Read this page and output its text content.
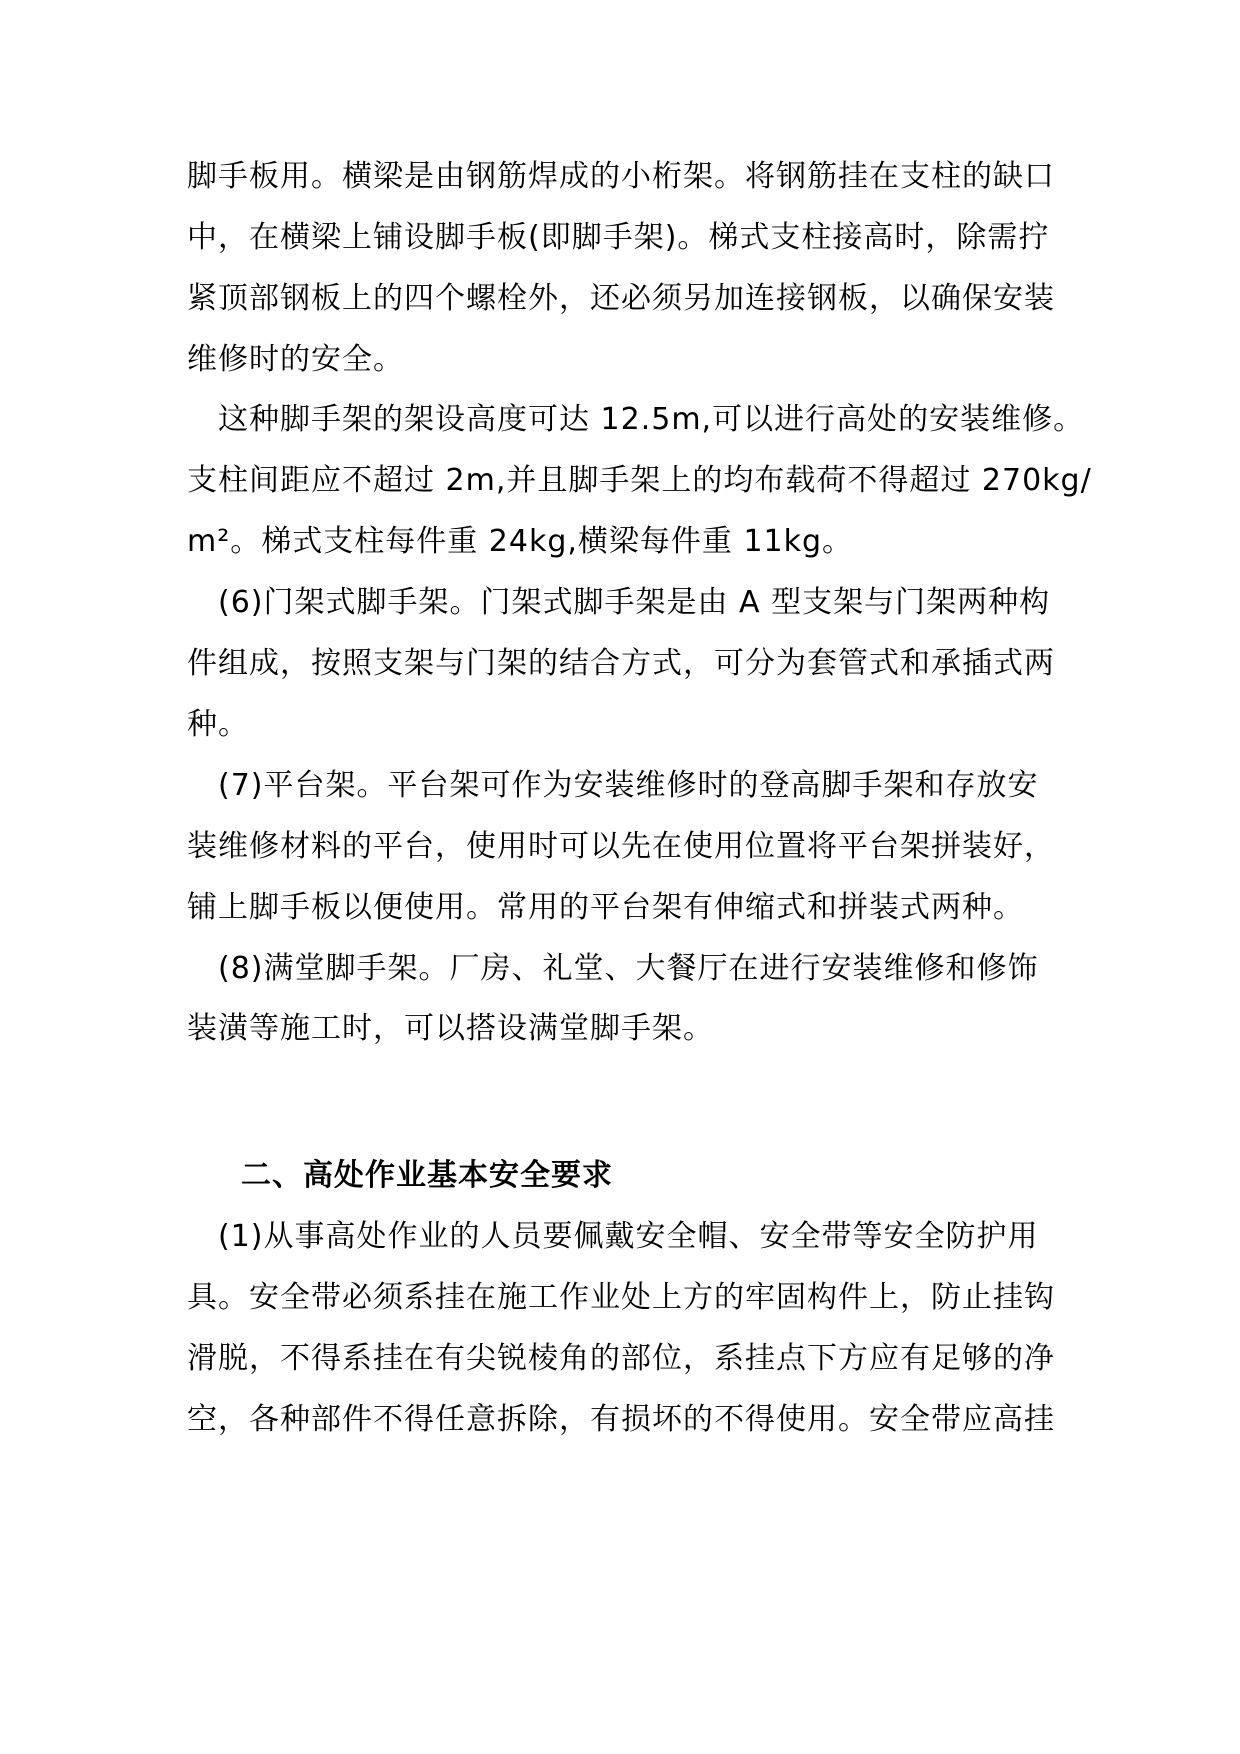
脚手板用。横梁是由钢筋焊成的小桁架。将钢筋挂在支柱的缺口
中，在横梁上铺设脚手板(即脚手架)。梯式支柱接高时，除需拧
紧顶部钢板上的四个螺栓外，还必须另加连接钢板，以确保安装
维修时的安全。
　这种脚手架的架设高度可达 12.5m,可以进行高处的安装维修。
支柱间距应不超过 2m,并且脚手架上的均布载荷不得超过 270kg/
m²。梯式支柱每件重 24kg,横梁每件重 11kg。
　(6)门架式脚手架。门架式脚手架是由 A 型支架与门架两种构
件组成，按照支架与门架的结合方式，可分为套管式和承插式两
种。
　(7)平台架。平台架可作为安装维修时的登高脚手架和存放安
装维修材料的平台，使用时可以先在使用位置将平台架拼装好，
铺上脚手板以便使用。常用的平台架有伸缩式和拼装式两种。
　(8)满堂脚手架。厂房、礼堂、大餐厅在进行安装维修和修饰
装潢等施工时，可以搭设满堂脚手架。
二、高处作业基本安全要求
　(1)从事高处作业的人员要佩戴安全帽、安全带等安全防护用
具。安全带必须系挂在施工作业处上方的牢固构件上，防止挂钩
滑脱，不得系挂在有尖锐棱角的部位，系挂点下方应有足够的净
空，各种部件不得任意拆除，有损坏的不得使用。安全带应高挂
